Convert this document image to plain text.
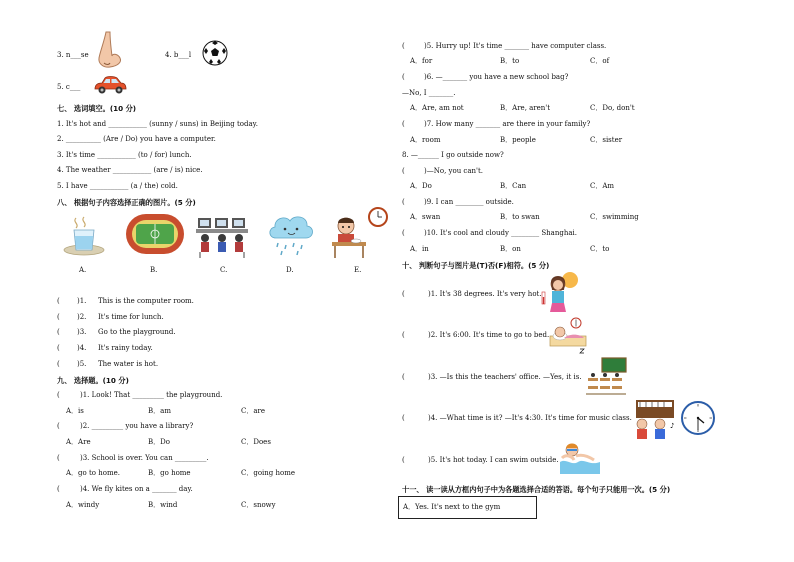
3. n___se	4. b___l
5. c___
七、 选词填空。(10 分)
1. It's hot and ___________ (sunny / suns) in Beijing today.
2. __________ (Are / Do) you have a computer.
3. It's time ___________ (to / for) lunch.
4. The weather ___________ (are / is) nice.
5. I have ___________ (a / the) cold.
八、 根据句子内容选择正确的图片。(5 分)
A.	B.	C.	D.	E.
( )1. This is the computer room.
( )2. It's time for lunch.
( )3. Go to the playground.
( )4. It's rainy today.
( )5. The water is hot.
九、 选择题。(10 分)
(	)1. Look! That _________ the playground.
A．is	B．am	C．are
(	)2. _________ you have a library?
A．Are	B．Do	C．Does
(	)3. School is over. You can _________.
A．go to home.	B．go home	C．going home
(	)4. We fly kites on a _______ day.
A．windy	B．wind	C．snowy
(	)5. Hurry up! It's time _______ have computer class.
A．for	B．to	C．of
(	)6. —_______ you have a new school bag?
—No, I _______.
A．Are, am not	B．Are, aren't	C．Do, don't
(	)7. How many _______ are there in your family?
A．room	B．people	C．sister
8. —______ I go outside now?
(	)—No, you can't.
A．Do	B．Can	C．Am
(	)9. I can ________ outside.
A．swan	B．to swan	C．swimming
(	)10. It's cool and cloudy ________ Shanghai.
A．in	B．on	C．to
十、 判断句子与图片是(T)否(F)相符。(5 分)
(	)1. It's 38 degrees. It's very hot.
(	)2. It's 6:00. It's time to go to bed.
(	)3. —Is this the teachers' office. —Yes, it is.
(	)4. —What time is it? —It's 4:30. It's time for music class.
♪
(	)5. It's hot today. I can swim outside.
十一、 读一读从方框内句子中为各题选择合适的答语。每个句子只能用一次。(5 分)
A．Yes. It's next to the gym
